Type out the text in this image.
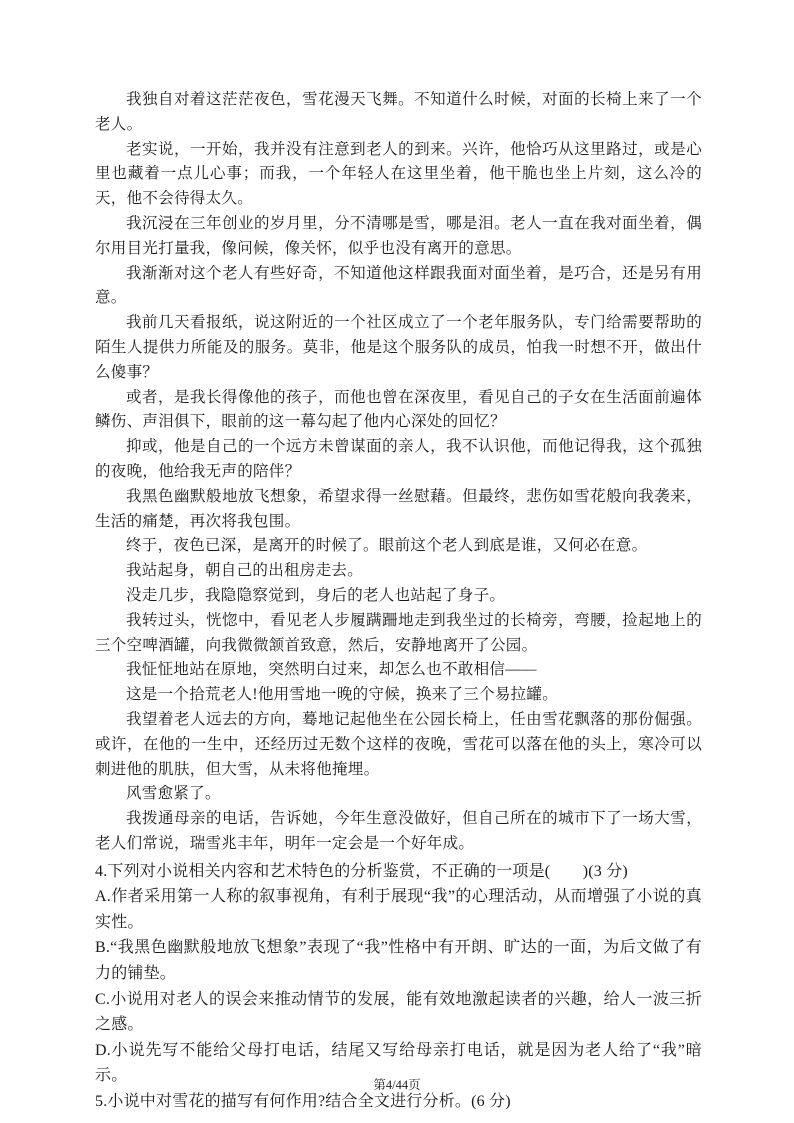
我独自对着这茫茫夜色，雪花漫天飞舞。不知道什么时候，对面的长椅上来了一个老人。

老实说，一开始，我并没有注意到老人的到来。兴许，他恰巧从这里路过，或是心里也藏着一点儿心事；而我，一个年轻人在这里坐着，他干脆也坐上片刻，这么冷的天，他不会待得太久。

我沉浸在三年创业的岁月里，分不清哪是雪，哪是泪。老人一直在我对面坐着，偶尔用目光打量我，像问候，像关怀，似乎也没有离开的意思。

我渐渐对这个老人有些好奇，不知道他这样跟我面对面坐着，是巧合，还是另有用意。

我前几天看报纸，说这附近的一个社区成立了一个老年服务队，专门给需要帮助的陌生人提供力所能及的服务。莫非，他是这个服务队的成员，怕我一时想不开，做出什么傻事？

或者，是我长得像他的孩子，而他也曾在深夜里，看见自己的子女在生活面前遍体鳞伤、声泪俱下，眼前的这一幕勾起了他内心深处的回忆？

抑或，他是自己的一个远方未曾谋面的亲人，我不认识他，而他记得我，这个孤独的夜晚，他给我无声的陪伴？

我黑色幽默般地放飞想象，希望求得一丝慰藉。但最终，悲伤如雪花般向我袭来，生活的痛楚，再次将我包围。

终于，夜色已深，是离开的时候了。眼前这个老人到底是谁，又何必在意。

我站起身，朝自己的出租房走去。

没走几步，我隐隐察觉到，身后的老人也站起了身子。

我转过头，恍惚中，看见老人步履蹒跚地走到我坐过的长椅旁，弯腰，捡起地上的三个空啤酒罐，向我微微颔首致意，然后，安静地离开了公园。

我怔怔地站在原地，突然明白过来，却怎么也不敢相信——

这是一个拾荒老人!他用雪地一晚的守候，换来了三个易拉罐。

我望着老人远去的方向，蓦地记起他坐在公园长椅上，任由雪花飘落的那份倔强。或许，在他的一生中，还经历过无数个这样的夜晚，雪花可以落在他的头上，寒冷可以刺进他的肌肤，但大雪，从未将他掩埋。

风雪愈紧了。

我拨通母亲的电话，告诉她，今年生意没做好，但自己所在的城市下了一场大雪，老人们常说，瑞雪兆丰年，明年一定会是一个好年成。

4.下列对小说相关内容和艺术特色的分析鉴赏，不正确的一项是(　　)(3 分)

A.作者采用第一人称的叙事视角，有利于展现“我”的心理活动，从而增强了小说的真实性。

B.“我黑色幽默般地放飞想象”表现了“我”性格中有开朗、旷达的一面，为后文做了有力的铺垫。

C.小说用对老人的误会来推动情节的发展，能有效地激起读者的兴趣，给人一波三折之感。

D.小说先写不能给父母打电话，结尾又写给母亲打电话，就是因为老人给了“我”暗示。

5.小说中对雪花的描写有何作用?结合全文进行分析。(6 分)

第4/44页
